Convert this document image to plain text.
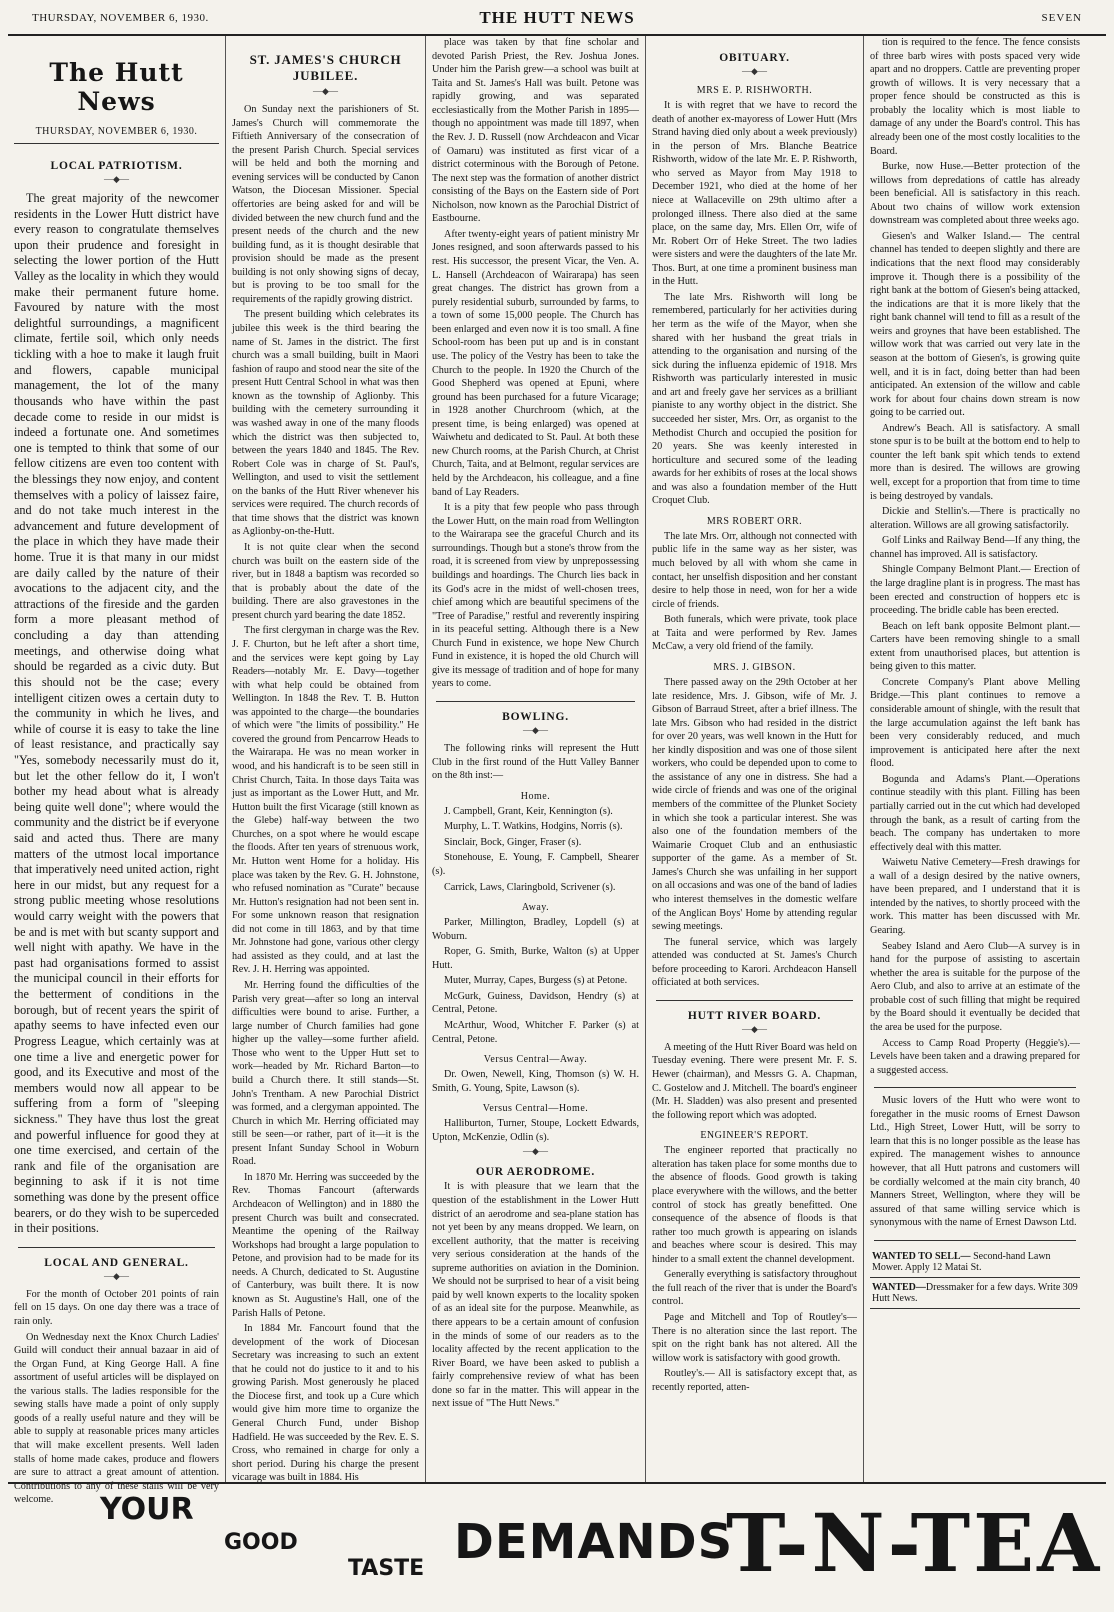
THURSDAY, NOVEMBER 6, 1930.	THE HUTT NEWS	SEVEN
The Hutt News
THURSDAY, NOVEMBER 6, 1930.
LOCAL PATRIOTISM.
—◆—

The great majority of the newcomer residents in the Lower Hutt district have every reason to congratulate themselves upon their prudence and foresight in selecting the lower portion of the Hutt Valley as the locality in which they would make their permanent future home. Favoured by nature with the most delightful surroundings, a magnificent climate, fertile soil, which only needs tickling with a hoe to make it laugh fruit and flowers, capable municipal management, the lot of the many thousands who have within the past decade come to reside in our midst is indeed a fortunate one. And sometimes one is tempted to think that some of our fellow citizens are even too content with the blessings they now enjoy, and content themselves with a policy of laissez faire, and do not take much interest in the advancement and future development of the place in which they have made their home. True it is that many in our midst are daily called by the nature of their avocations to the adjacent city, and the attractions of the fireside and the garden form a more pleasant method of concluding a day than attending meetings, and otherwise doing what should be regarded as a civic duty. But this should not be the case; every intelligent citizen owes a certain duty to the community in which he lives, and while of course it is easy to take the line of least resistance, and practically say "Yes, somebody necessarily must do it, but let the other fellow do it, I won't bother my head about what is already being quite well done"; where would the community and the district be if everyone said and acted thus. There are many matters of the utmost local importance that imperatively need united action, right here in our midst, but any request for a strong public meeting whose resolutions would carry weight with the powers that be and is met with but scanty support and well night with apathy. We have in the past had organisations formed to assist the municipal council in their efforts for the betterment of conditions in the borough, but of recent years the spirit of apathy seems to have infected even our Progress League, which certainly was at one time a live and energetic power for good, and its Executive and most of the members would now all appear to be suffering from a form of "sleeping sickness." They have thus lost the great and powerful influence for good they at one time exercised, and certain of the rank and file of the organisation are beginning to ask if it is not time something was done by the present office bearers, or do they wish to be superceded in their positions.

LOCAL AND GENERAL.
—◆—

For the month of October 201 points of rain fell on 15 days. On one day there was a trace of rain only.

On Wednesday next the Knox Church Ladies' Guild will conduct their annual bazaar in aid of the Organ Fund, at King George Hall. A fine assortment of useful articles will be displayed on the various stalls. The ladies responsible for the sewing stalls have made a point of only supply goods of a really useful nature and they will be able to supply at reasonable prices many articles that will make excellent presents. Well laden stalls of home made cakes, produce and flowers are sure to attract a great amount of attention. Contributions to any of these stalls will be very welcome.

ST. JAMES'S CHURCH JUBILEE.
—◆—

On Sunday next the parishioners of St. James's Church will commemorate the Fiftieth Anniversary of the consecration of the present Parish Church. Special services will be held and both the morning and evening services will be conducted by Canon Watson, the Diocesan Missioner. Special offertories are being asked for and will be divided between the new church fund and the present needs of the church and the new building fund, as it is thought desirable that provision should be made as the present building is not only showing signs of decay, but is proving to be too small for the requirements of the rapidly growing district.

The present building which celebrates its jubilee this week is the third bearing the name of St. James in the district. The first church was a small building, built in Maori fashion of raupo and stood near the site of the present Hutt Central School in what was then known as the township of Aglionby. This building with the cemetery surrounding it was washed away in one of the many floods which the district was then subjected to, between the years 1840 and 1845. The Rev. Robert Cole was in charge of St. Paul's, Wellington, and used to visit the settlement on the banks of the Hutt River whenever his services were required. The church records of that time shows that the district was known as Aglionby-on-the-Hutt.

It is not quite clear when the second church was built on the eastern side of the river, but in 1848 a baptism was recorded so that is probably about the date of the building. There are also gravestones in the present church yard bearing the date 1852.

The first clergyman in charge was the Rev. J. F. Churton, but he left after a short time, and the services were kept going by Lay Readers—notably Mr. E. Davy—together with what help could be obtained from Wellington. In 1848 the Rev. T. B. Hutton was appointed to the charge—the boundaries of which were "the limits of possibility." He covered the ground from Pencarrow Heads to the Wairarapa. He was no mean worker in wood, and his handicraft is to be seen still in Christ Church, Taita. In those days Taita was just as important as the Lower Hutt, and Mr. Hutton built the first Vicarage (still known as the Glebe) half-way between the two Churches, on a spot where he would escape the floods. After ten years of strenuous work, Mr. Hutton went Home for a holiday. His place was taken by the Rev. G. H. Johnstone, who refused nomination as "Curate" because Mr. Hutton's resignation had not been sent in. For some unknown reason that resignation did not come in till 1863, and by that time Mr. Johnstone had gone, various other clergy had assisted as they could, and at last the Rev. J. H. Herring was appointed.

Mr. Herring found the difficulties of the Parish very great—after so long an interval difficulties were bound to arise. Further, a large number of Church families had gone higher up the valley—some further afield. Those who went to the Upper Hutt set to work—headed by Mr. Richard Barton—to build a Church there. It still stands—St. John's Trentham. A new Parochial District was formed, and a clergyman appointed. The Church in which Mr. Herring officiated may still be seen—or rather, part of it—it is the present Infant Sunday School in Woburn Road.

In 1870 Mr. Herring was succeeded by the Rev. Thomas Fancourt (afterwards Archdeacon of Wellington) and in 1880 the present Church was built and consecrated. Meantime the opening of the Railway Workshops had brought a large population to Petone, and provision had to be made for its needs. A Church, dedicated to St. Augustine of Canterbury, was built there. It is now known as St. Augustine's Hall, one of the Parish Halls of Petone.

In 1884 Mr. Fancourt found that the development of the work of Diocesan Secretary was increasing to such an extent that he could not do justice to it and to his growing Parish. Most generously he placed the Diocese first, and took up a Cure which would give him more time to organize the General Church Fund, under Bishop Hadfield. He was succeeded by the Rev. E. S. Cross, who remained in charge for only a short period. During his charge the present vicarage was built in 1884. His

place was taken by that fine scholar and devoted Parish Priest, the Rev. Joshua Jones. Under him the Parish grew—a school was built at Taita and St. James's Hall was built. Petone was rapidly growing, and was separated ecclesiastically from the Mother Parish in 1895—though no appointment was made till 1897, when the Rev. J. D. Russell (now Archdeacon and Vicar of Oamaru) was instituted as first vicar of a district coterminous with the Borough of Petone. The next step was the formation of another district consisting of the Bays on the Eastern side of Port Nicholson, now known as the Parochial District of Eastbourne.

After twenty-eight years of patient ministry Mr Jones resigned, and soon afterwards passed to his rest. His successor, the present Vicar, the Ven. A. L. Hansell (Archdeacon of Wairarapa) has seen great changes. The district has grown from a purely residential suburb, surrounded by farms, to a town of some 15,000 people. The Church has been enlarged and even now it is too small. A fine School-room has been put up and is in constant use. The policy of the Vestry has been to take the Church to the people. In 1920 the Church of the Good Shepherd was opened at Epuni, where ground has been purchased for a future Vicarage; in 1928 another Churchroom (which, at the present time, is being enlarged) was opened at Waiwhetu and dedicated to St. Paul. At both these new Church rooms, at the Parish Church, at Christ Church, Taita, and at Belmont, regular services are held by the Archdeacon, his colleague, and a fine band of Lay Readers.

It is a pity that few people who pass through the Lower Hutt, on the main road from Wellington to the Wairarapa see the graceful Church and its surroundings. Though but a stone's throw from the road, it is screened from view by unprepossessing buildings and hoardings. The Church lies back in its God's acre in the midst of well-chosen trees, chief among which are beautiful specimens of the "Tree of Paradise," restful and reverently inspiring in its peaceful setting. Although there is a New Church Fund in existence, we hope New Church Fund in existence, it is hoped the old Church will give its message of tradition and of hope for many years to come.

BOWLING.
—◆—

The following rinks will represent the Hutt Club in the first round of the Hutt Valley Banner on the 8th inst:—

Home.

J. Campbell, Grant, Keir, Kennington (s).

Murphy, L. T. Watkins, Hodgins, Norris (s).

Sinclair, Bock, Ginger, Fraser (s).

Stonehouse, E. Young, F. Campbell, Shearer (s).

Carrick, Laws, Claringbold, Scrivener (s).

Away.

Parker, Millington, Bradley, Lopdell (s) at Woburn.

Roper, G. Smith, Burke, Walton (s) at Upper Hutt.

Muter, Murray, Capes, Burgess (s) at Petone.

McGurk, Guiness, Davidson, Hendry (s) at Central, Petone.

McArthur, Wood, Whitcher F. Parker (s) at Central, Petone.

Versus Central—Away.

Dr. Owen, Newell, King, Thomson (s) W. H. Smith, G. Young, Spite, Lawson (s).

Versus Central—Home.

Halliburton, Turner, Stoupe, Lockett Edwards, Upton, McKenzie, Odlin (s).

—◆—
OUR AERODROME.

It is with pleasure that we learn that the question of the establishment in the Lower Hutt district of an aerodrome and sea-plane station has not yet been by any means dropped. We learn, on excellent authority, that the matter is receiving very serious consideration at the hands of the supreme authorities on aviation in the Dominion. We should not be surprised to hear of a visit being paid by well known experts to the locality spoken of as an ideal site for the purpose. Meanwhile, as there appears to be a certain amount of confusion in the minds of some of our readers as to the locality affected by the recent application to the River Board, we have been asked to publish a fairly comprehensive review of what has been done so far in the matter. This will appear in the next issue of "The Hutt News."

OBITUARY.
—◆—
MRS E. P. RISHWORTH.

It is with regret that we have to record the death of another ex-mayoress of Lower Hutt (Mrs Strand having died only about a week previously) in the person of Mrs. Blanche Beatrice Rishworth, widow of the late Mr. E. P. Rishworth, who served as Mayor from May 1918 to December 1921, who died at the home of her niece at Wallaceville on 29th ultimo after a prolonged illness. There also died at the same place, on the same day, Mrs. Ellen Orr, wife of Mr. Robert Orr of Heke Street. The two ladies were sisters and were the daughters of the late Mr. Thos. Burt, at one time a prominent business man in the Hutt.

The late Mrs. Rishworth will long be remembered, particularly for her activities during her term as the wife of the Mayor, when she shared with her husband the great trials in attending to the organisation and nursing of the sick during the influenza epidemic of 1918. Mrs Rishworth was particularly interested in music and art and freely gave her services as a brilliant pianiste to any worthy object in the district. She succeeded her sister, Mrs. Orr, as organist to the Methodist Church and occupied the position for 20 years. She was keenly interested in horticulture and secured some of the leading awards for her exhibits of roses at the local shows and was also a foundation member of the Hutt Croquet Club.

MRS ROBERT ORR.

The late Mrs. Orr, although not connected with public life in the same way as her sister, was much beloved by all with whom she came in contact, her unselfish disposition and her constant desire to help those in need, won for her a wide circle of friends.

Both funerals, which were private, took place at Taita and were performed by Rev. James McCaw, a very old friend of the family.

MRS. J. GIBSON.

There passed away on the 29th October at her late residence, Mrs. J. Gibson, wife of Mr. J. Gibson of Barraud Street, after a brief illness. The late Mrs. Gibson who had resided in the district for over 20 years, was well known in the Hutt for her kindly disposition and was one of those silent workers, who could be depended upon to come to the assistance of any one in distress. She had a wide circle of friends and was one of the original members of the committee of the Plunket Society in which she took a particular interest. She was also one of the foundation members of the Waimarie Croquet Club and an enthusiastic supporter of the game. As a member of St. James's Church she was unfailing in her support on all occasions and was one of the band of ladies who interest themselves in the domestic welfare of the Anglican Boys' Home by attending regular sewing meetings.

The funeral service, which was largely attended was conducted at St. James's Church before proceeding to Karori. Archdeacon Hansell officiated at both services.

HUTT RIVER BOARD.
—◆—

A meeting of the Hutt River Board was held on Tuesday evening. There were present Mr. F. S. Hewer (chairman), and Messrs G. A. Chapman, C. Gostelow and J. Mitchell. The board's engineer (Mr. H. Sladden) was also present and presented the following report which was adopted.

ENGINEER'S REPORT.

The engineer reported that practically no alteration has taken place for some months due to the absence of floods. Good growth is taking place everywhere with the willows, and the better control of stock has greatly benefitted. One consequence of the absence of floods is that rather too much growth is appearing on islands and beaches where scour is desired. This may hinder to a small extent the channel development.

Generally everything is satisfactory throughout the full reach of the river that is under the Board's control.

Page and Mitchell and Top of Routley's—There is no alteration since the last report. The spit on the right bank has not altered. All the willow work is satisfactory with good growth.

Routley's.— All is satisfactory except that, as recently reported, atten-

tion is required to the fence. The fence consists of three barb wires with posts spaced very wide apart and no droppers. Cattle are preventing proper growth of willows. It is very necessary that a proper fence should be constructed as this is probably the locality which is most liable to damage of any under the Board's control. This has already been one of the most costly localities to the Board.

Burke, now Huse.—Better protection of the willows from depredations of cattle has already been beneficial. All is satisfactory in this reach. About two chains of willow work extension downstream was completed about three weeks ago.

Giesen's and Walker Island.— The central channel has tended to deepen slightly and there are indications that the next flood may considerably improve it. Though there is a possibility of the right bank at the bottom of Giesen's being attacked, the indications are that it is more likely that the right bank channel will tend to fill as a result of the weirs and groynes that have been established. The willow work that was carried out very late in the season at the bottom of Giesen's, is growing quite well, and it is in fact, doing better than had been anticipated. An extension of the willow and cable work for about four chains down stream is now going to be carried out.

Andrew's Beach. All is satisfactory. A small stone spur is to be built at the bottom end to help to counter the left bank spit which tends to extend more than is desired. The willows are growing well, except for a proportion that from time to time is being destroyed by vandals.

Dickie and Stellin's.—There is practically no alteration. Willows are all growing satisfactorily.

Golf Links and Railway Bend—If any thing, the channel has improved. All is satisfactory.

Shingle Company Belmont Plant.— Erection of the large dragline plant is in progress. The mast has been erected and construction of hoppers etc is proceeding. The bridle cable has been erected.

Beach on left bank opposite Belmont plant.—Carters have been removing shingle to a small extent from unauthorised places, but attention is being given to this matter.

Concrete Company's Plant above Melling Bridge.—This plant continues to remove a considerable amount of shingle, with the result that the large accumulation against the left bank has been very considerably reduced, and much improvement is anticipated here after the next flood.

Bogunda and Adams's Plant.—Operations continue steadily with this plant. Filling has been partially carried out in the cut which had developed through the bank, as a result of carting from the beach. The company has undertaken to more effectively deal with this matter.

Waiwetu Native Cemetery—Fresh drawings for a wall of a design desired by the native owners, have been prepared, and I understand that it is intended by the natives, to shortly proceed with the work. This matter has been discussed with Mr. Gearing.

Seabey Island and Aero Club—A survey is in hand for the purpose of assisting to ascertain whether the area is suitable for the purpose of the Aero Club, and also to arrive at an estimate of the probable cost of such filling that might be required by the Board should it eventually be decided that the area be used for the purpose.

Access to Camp Road Property (Heggie's).—Levels have been taken and a drawing prepared for a suggested access.

Music lovers of the Hutt who were wont to foregather in the music rooms of Ernest Dawson Ltd., High Street, Lower Hutt, will be sorry to learn that this is no longer possible as the lease has expired. The management wishes to announce however, that all Hutt patrons and customers will be cordially welcomed at the main city branch, 40 Manners Street, Wellington, where they will be assured of that same willing service which is synonymous with the name of Ernest Dawson Ltd.

WANTED TO SELL— Second-hand Lawn Mower. Apply 12 Matai St.
WANTED—Dressmaker for a few days. Write 309 Hutt News.
YOUR
GOOD
TASTE DEMANDS
T-N-TEA
